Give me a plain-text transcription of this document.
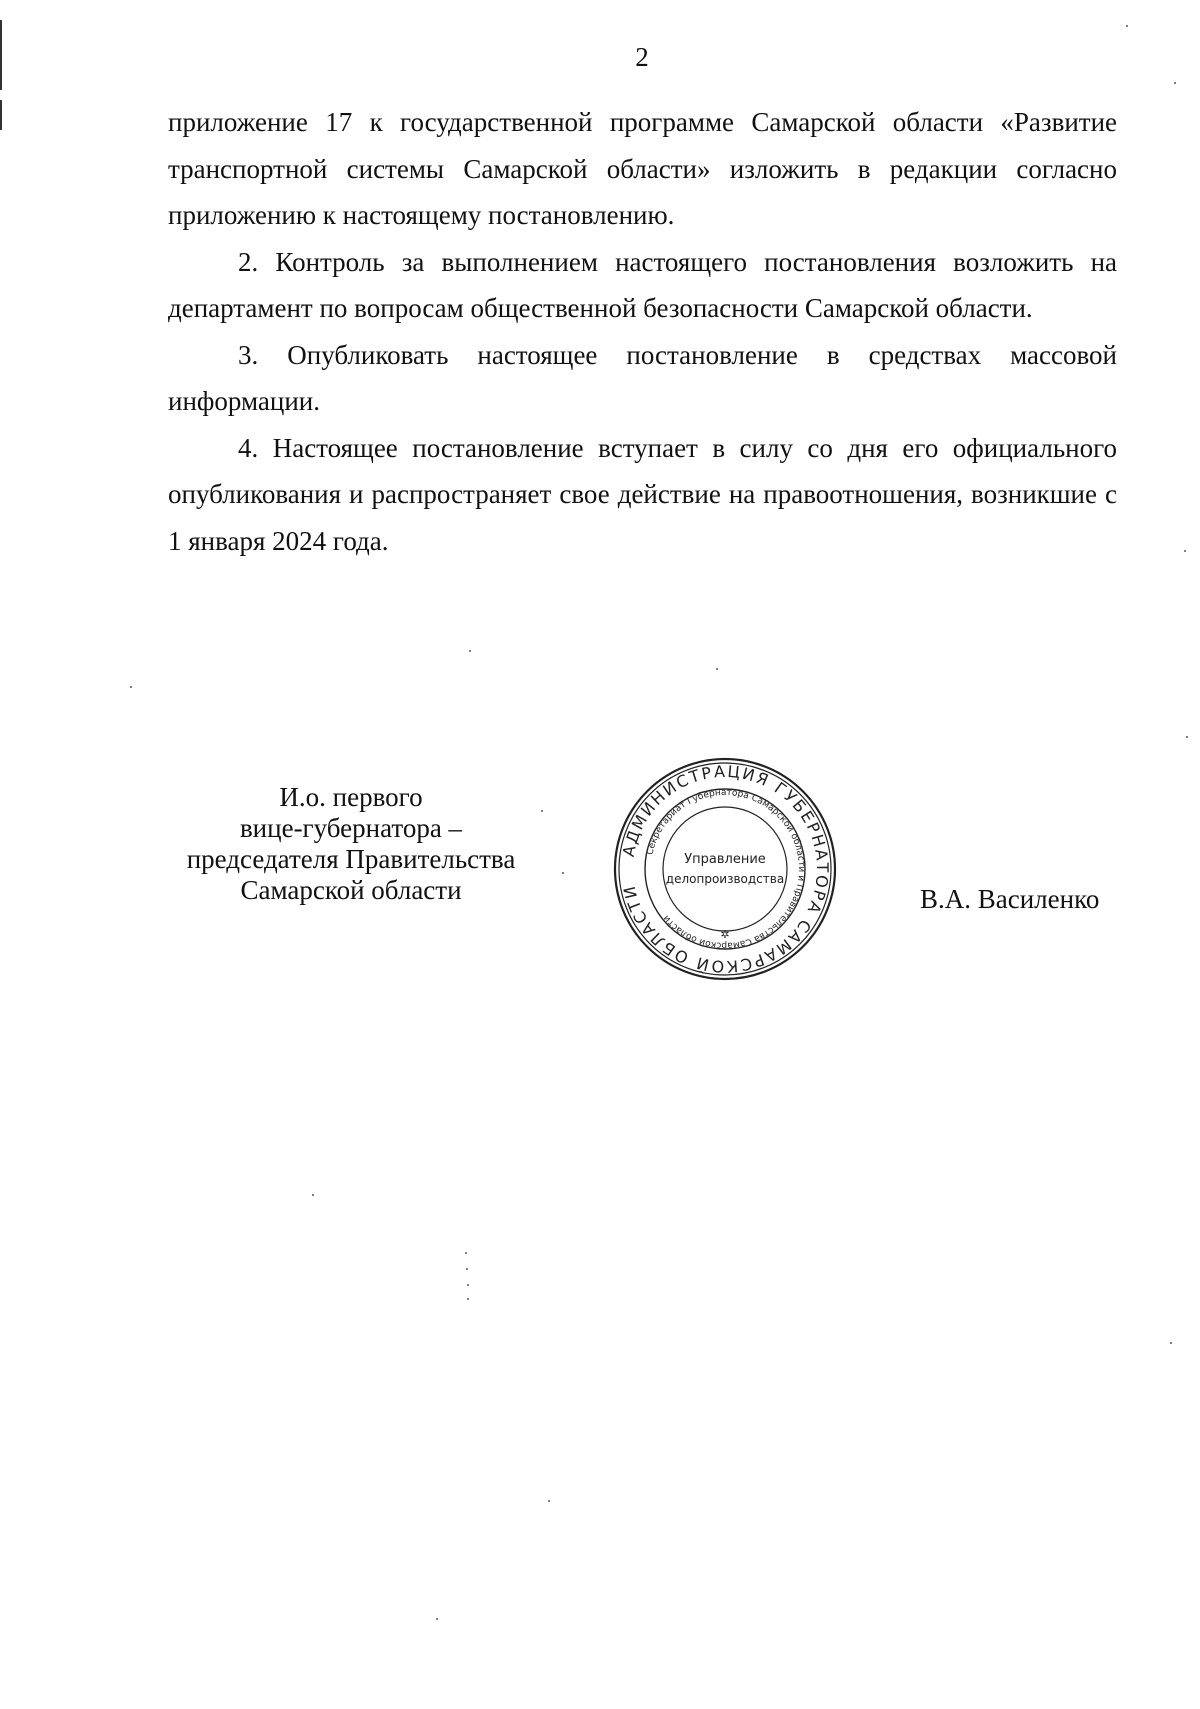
2

приложение 17 к государственной программе Самарской области «Развитие транспортной системы Самарской области» изложить в редакции согласно приложению к настоящему постановлению.

2. Контроль за выполнением настоящего постановления возложить на департамент по вопросам общественной безопасности Самарской области.

3. Опубликовать настоящее постановление в средствах массовой информации.

4. Настоящее постановление вступает в силу со дня его официального опубликования и распространяет свое действие на правоотношения, возникшие с 1 января 2024 года.

И.о. первого
вице-губернатора –
председателя Правительства
Самарской области
АДМИНИСТРАЦИЯ ГУБЕРНАТОРА САМАРСКОЙ ОБЛАСТИ
Секретариат Губернатора Самарской области и Правительства Самарской области
Управление
делопроизводства
✲
В.А. Василенко
